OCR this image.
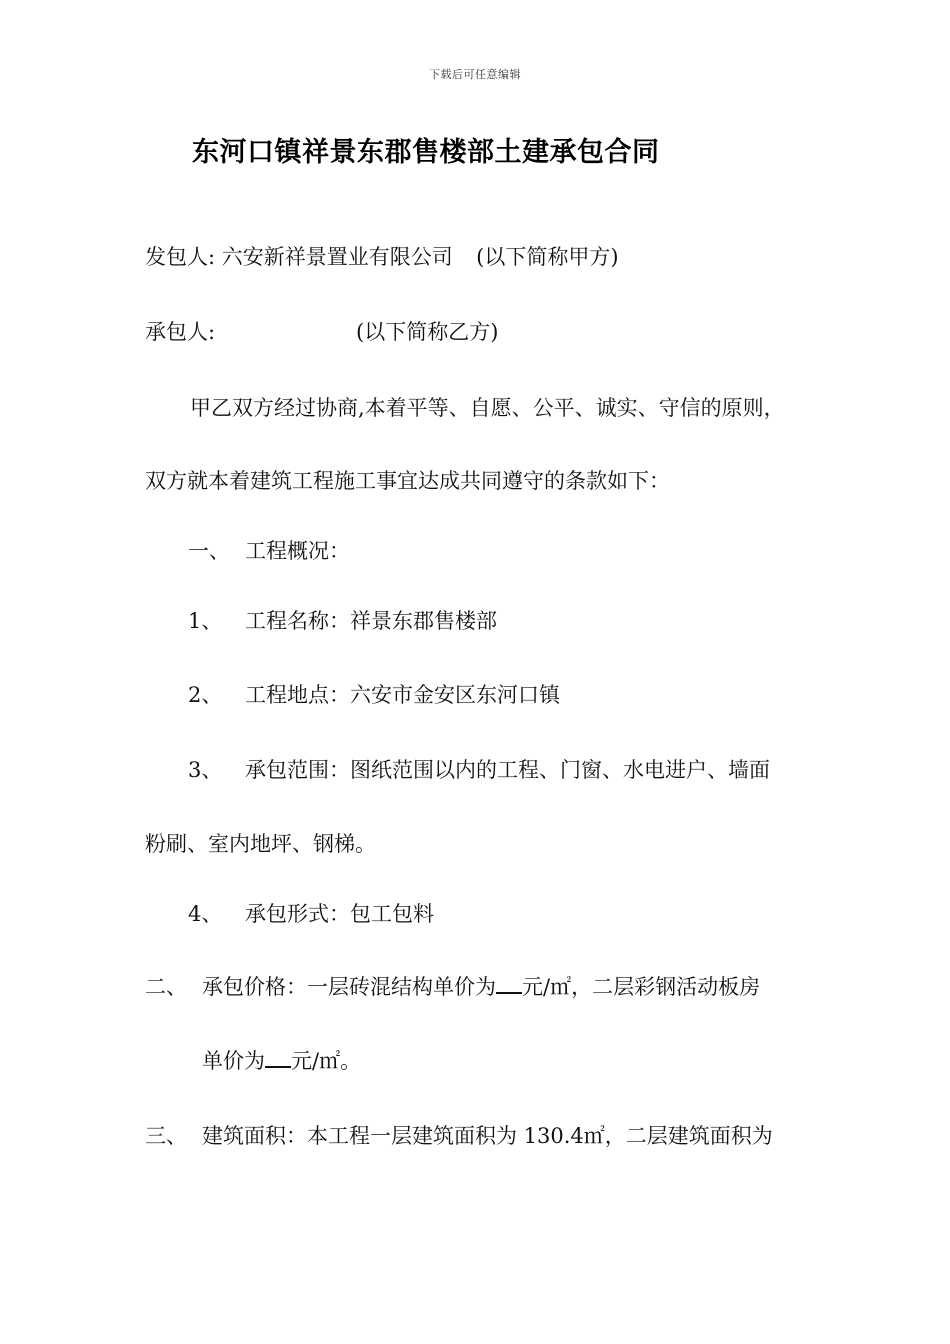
下载后可任意编辑
东河口镇祥景东郡售楼部土建承包合同
发包人: 六安新祥景置业有限公司 (以下简称甲方)
承包人:	(以下简称乙方)
甲乙双方经过协商,本着平等、自愿、公平、诚实、守信的原则，
双方就本着建筑工程施工事宜达成共同遵守的条款如下：
一、 工程概况：
1、 工程名称：祥景东郡售楼部
2、 工程地点：六安市金安区东河口镇
3、 承包范围：图纸范围以内的工程、门窗、水电进户、墙面
粉刷、室内地坪、钢梯。
4、 承包形式：包工包料
二、 承包价格：一层砖混结构单价为 元/㎡，二层彩钢活动板房
单价为 元/㎡。
三、 建筑面积：本工程一层建筑面积为 130.4㎡，二层建筑面积为
